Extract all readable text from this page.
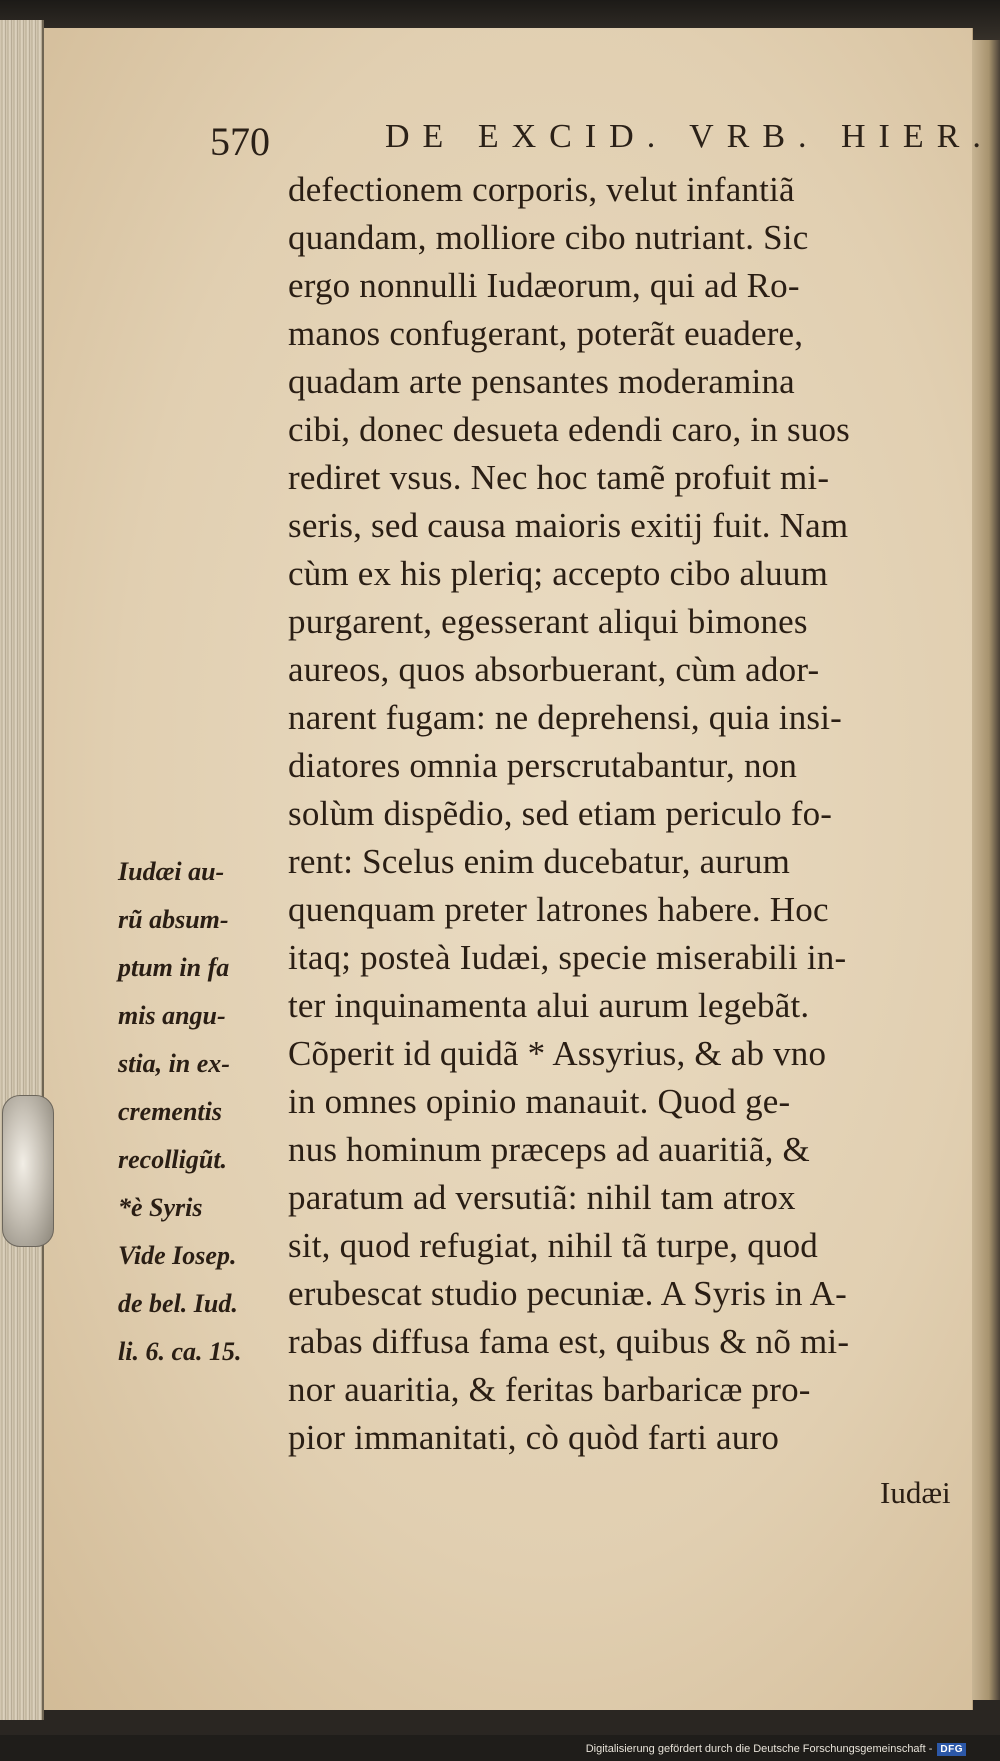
570	DE EXCID. VRB. HIER.
defectionem corporis, velut infantiã
quandam, molliore cibo nutriant. Sic
ergo nonnulli Iudæorum, qui ad Ro-
manos confugerant, poterãt euadere,
quadam arte pensantes moderamina
cibi, donec desueta edendi caro, in suos
rediret vsus. Nec hoc tamẽ profuit mi-
seris, sed causa maioris exitij fuit. Nam
cùm ex his pleriq; accepto cibo aluum
purgarent, egesserant aliqui bimones
aureos, quos absorbuerant, cùm ador-
narent fugam: ne deprehensi, quia insi-
diatores omnia perscrutabantur, non
solùm dispẽdio, sed etiam periculo fo-
rent: Scelus enim ducebatur, aurum
quenquam preter latrones habere. Hoc
itaq; posteà Iudæi, specie miserabili in-
ter inquinamenta alui aurum legebãt.
Cõperit id quidã * Assyrius, & ab vno
in omnes opinio manauit. Quod ge-
nus hominum præceps ad auaritiã, &
paratum ad versutiã: nihil tam atrox
sit, quod refugiat, nihil tã turpe, quod
erubescat studio pecuniæ. A Syris in A-
rabas diffusa fama est, quibus & nõ mi-
nor auaritia, & feritas barbaricæ pro-
pior immanitati, cò quòd farti auro
Iudæi au-
rũ absum-
ptum in fa
mis angu-
stia, in ex-
crementis
recolligũt.
*è Syris
Vide Iosep.
de bel. Iud.
li. 6. ca. 15.
Iudæi
Digitalisierung gefördert durch die Deutsche Forschungsgemeinschaft - DFG
